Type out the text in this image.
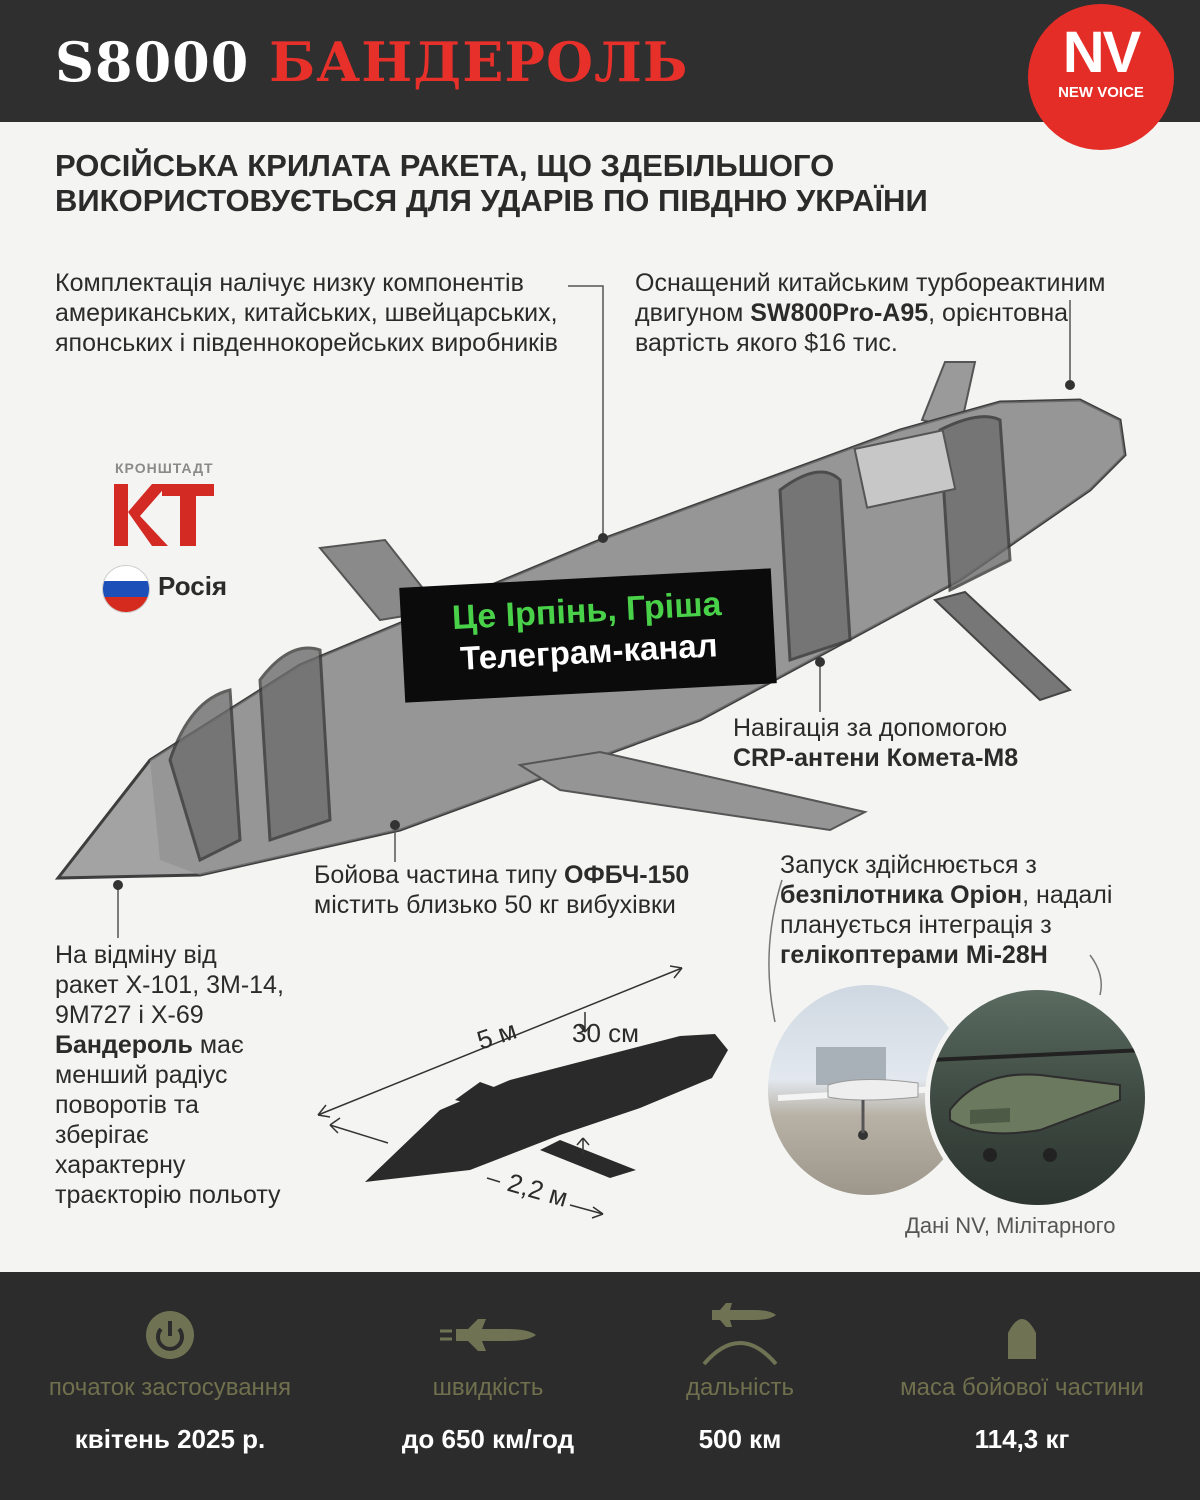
S8000 БАНДЕРОЛЬ	NV
NEW VOICE
РОСІЙСЬКА КРИЛАТА РАКЕТА, ЩО ЗДЕБІЛЬШОГО ВИКОРИСТОВУЄТЬСЯ ДЛЯ УДАРІВ ПО ПІВДНЮ УКРАЇНИ
Комплектація налічує низку компонентів американських, китайських, швейцарських, японських і південнокорейських виробників
Оснащений китайським турбореактиним двигуном SW800Pro-A95, орієнтовна вартість якого $16 тис.
Навігація за допомогою
CRP-антени Комета-М8
Бойова частина типу ОФБЧ-150
містить близько 50 кг вибухівки
Запуск здійснюється з безпілотника Оріон, надалі планується інтеграція з гелікоптерами Мі-28Н
На відміну від ракет Х-101, 3М-14, 9М727 і Х-69 Бандероль має менший радіус поворотів та зберігає характерну траєкторію польоту
КРОНШТАДТ
Росія	Це Ірпінь, Гріша
Телеграм-канал
5 м 30 см
2,2 м
Дані NV, Мілітарного
початок застосування
квітень 2025 р.
швидкість
до 650 км/год
дальність
500 км
маса бойової частини
114,3 кг
